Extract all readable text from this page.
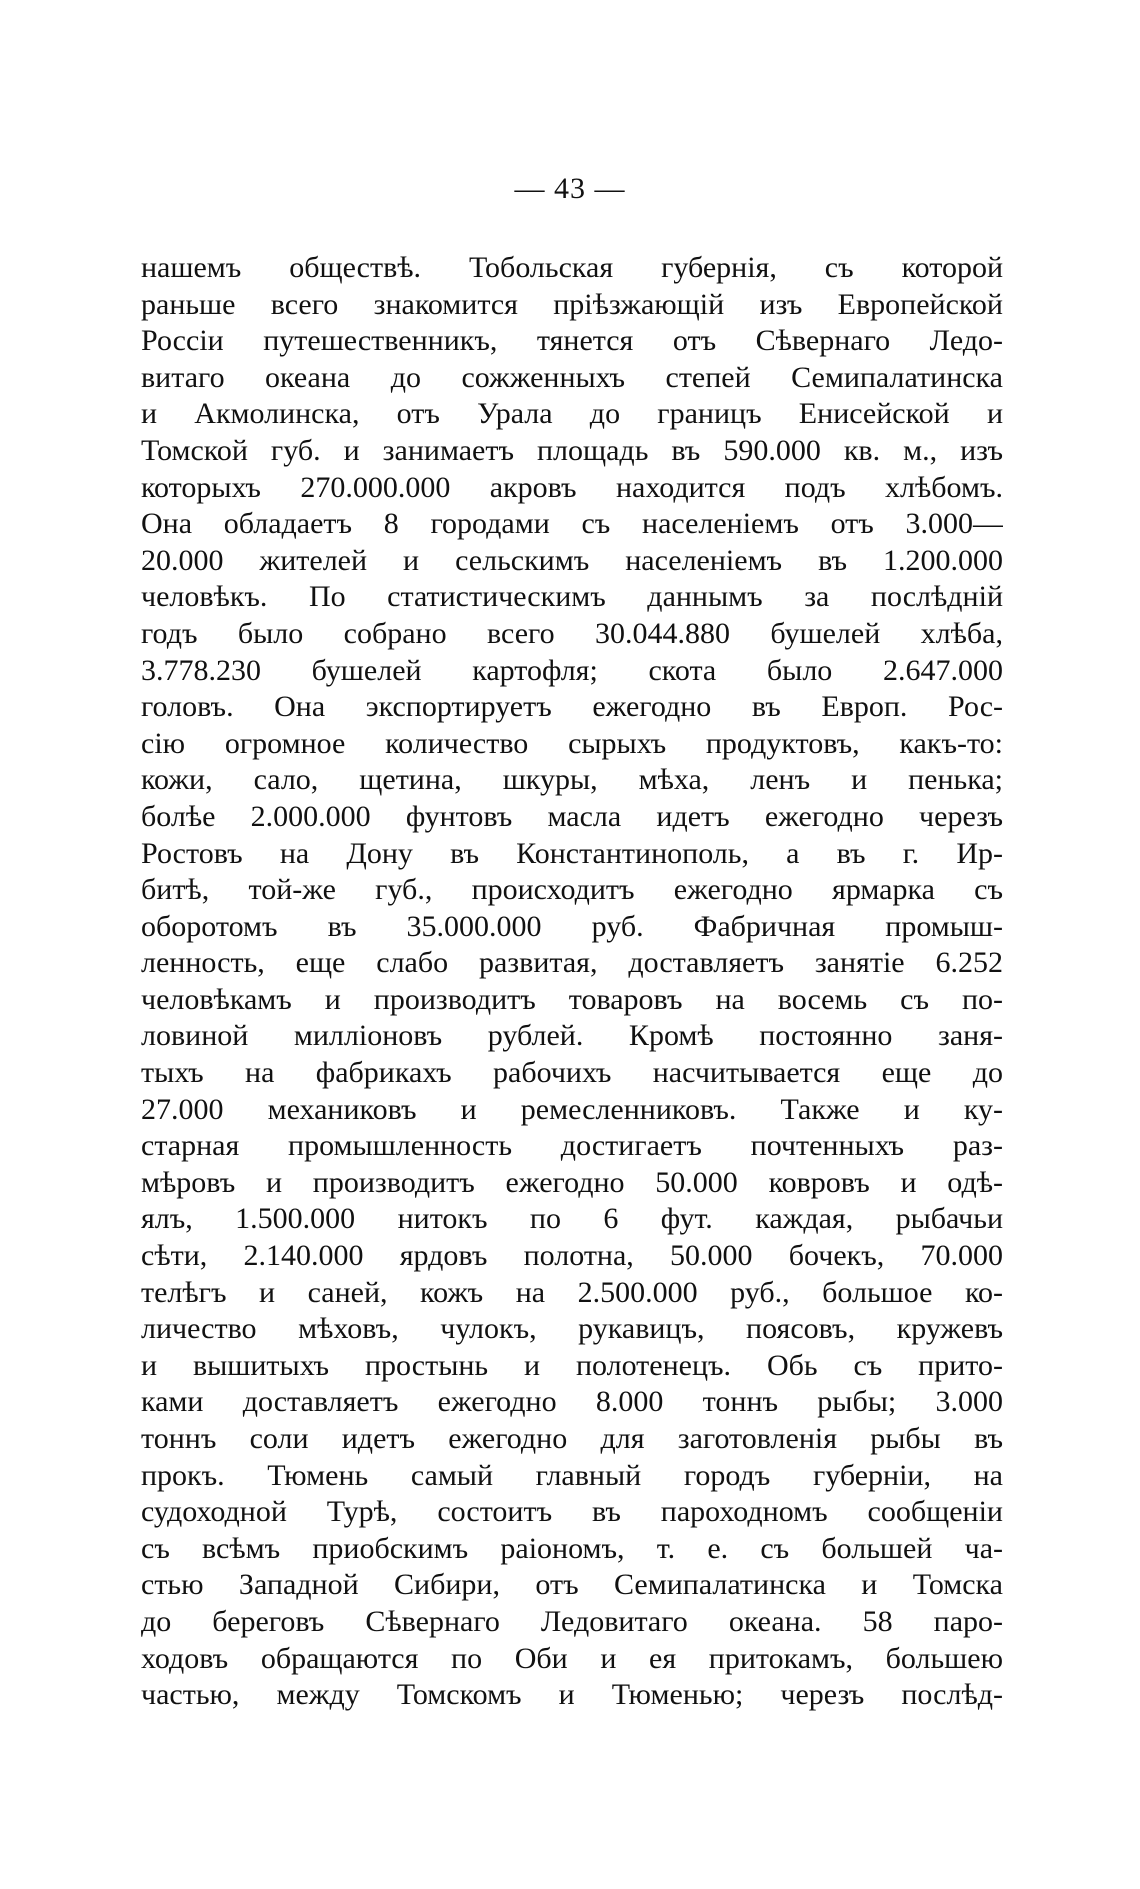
— 43 —
нашемъ обществѣ. Тобольская губернія, съ которой
раньше всего знакомится пріѣзжающій изъ Европейской
Россіи путешественникъ, тянется отъ Сѣвернаго Ледо-
витаго океана до сожженныхъ степей Семипалатинска
и Акмолинска, отъ Урала до границъ Енисейской и
Томской губ. и занимаетъ площадь въ 590.000 кв. м., изъ
которыхъ 270.000.000 акровъ находится подъ хлѣбомъ.
Она обладаетъ 8 городами съ населеніемъ отъ 3.000—
20.000 жителей и сельскимъ населеніемъ въ 1.200.000
человѣкъ. По статистическимъ даннымъ за послѣдній
годъ было собрано всего 30.044.880 бушелей хлѣба,
3.778.230 бушелей картофля; скота было 2.647.000
головъ. Она экспортируетъ ежегодно въ Европ. Рос-
сію огромное количество сырыхъ продуктовъ, какъ-то:
кожи, сало, щетина, шкуры, мѣха, ленъ и пенька;
болѣе 2.000.000 фунтовъ масла идетъ ежегодно черезъ
Ростовъ на Дону въ Константинополь, а въ г. Ир-
битѣ, той-же губ., происходитъ ежегодно ярмарка съ
оборотомъ въ 35.000.000 руб. Фабричная промыш-
ленность, еще слабо развитая, доставляетъ занятіе 6.252
человѣкамъ и производитъ товаровъ на восемь съ по-
ловиной милліоновъ рублей. Кромѣ постоянно заня-
тыхъ на фабрикахъ рабочихъ насчитывается еще до
27.000 механиковъ и ремесленниковъ. Также и ку-
старная промышленность достигаетъ почтенныхъ раз-
мѣровъ и производитъ ежегодно 50.000 ковровъ и одѣ-
ялъ, 1.500.000 нитокъ по 6 фут. каждая, рыбачьи
сѣти, 2.140.000 ярдовъ полотна, 50.000 бочекъ, 70.000
телѣгъ и саней, кожъ на 2.500.000 руб., большое ко-
личество мѣховъ, чулокъ, рукавицъ, поясовъ, кружевъ
и вышитыхъ простынь и полотенецъ. Обь съ прито-
ками доставляетъ ежегодно 8.000 тоннъ рыбы; 3.000
тоннъ соли идетъ ежегодно для заготовленія рыбы въ
прокъ. Тюмень самый главный городъ губерніи, на
судоходной Турѣ, состоитъ въ пароходномъ сообщеніи
съ всѣмъ приобскимъ раіономъ, т. е. съ большей ча-
стью Западной Сибири, отъ Семипалатинска и Томска
до береговъ Сѣвернаго Ледовитаго океана. 58 паро-
ходовъ обращаются по Оби и ея притокамъ, большею
частью, между Томскомъ и Тюменью; черезъ послѣд-
